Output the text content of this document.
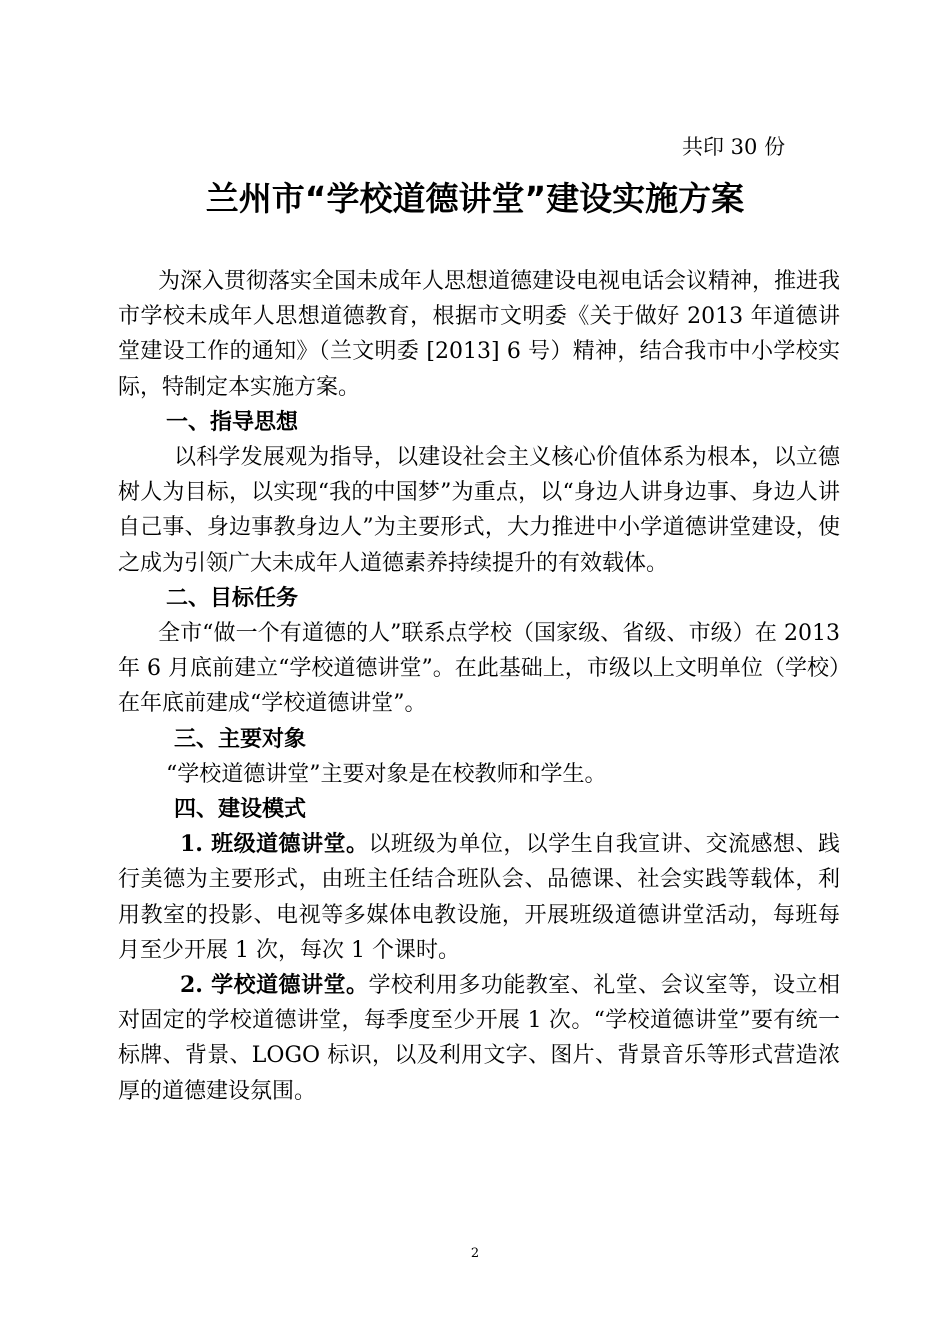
共印 30 份
兰州市“学校道德讲堂”建设实施方案

为深入贯彻落实全国未成年人思想道德建设电视电话会议精神，推进我市学校未成年人思想道德教育，根据市文明委《关于做好 2013 年道德讲堂建设工作的通知》（兰文明委 [2013] 6 号）精神，结合我市中小学校实际，特制定本实施方案。

一、指导思想

以科学发展观为指导，以建设社会主义核心价值体系为根本，以立德树人为目标，以实现“我的中国梦”为重点，以“身边人讲身边事、身边人讲自己事、身边事教身边人”为主要形式，大力推进中小学道德讲堂建设，使之成为引领广大未成年人道德素养持续提升的有效载体。

二、目标任务

全市“做一个有道德的人”联系点学校（国家级、省级、市级）在 2013 年 6 月底前建立“学校道德讲堂”。在此基础上，市级以上文明单位（学校）在年底前建成“学校道德讲堂”。

三、主要对象

“学校道德讲堂”主要对象是在校教师和学生。

四、建设模式

1. 班级道德讲堂。以班级为单位，以学生自我宣讲、交流感想、践行美德为主要形式，由班主任结合班队会、品德课、社会实践等载体，利用教室的投影、电视等多媒体电教设施，开展班级道德讲堂活动，每班每月至少开展 1 次，每次 1 个课时。

2. 学校道德讲堂。学校利用多功能教室、礼堂、会议室等，设立相对固定的学校道德讲堂，每季度至少开展 1 次。“学校道德讲堂”要有统一标牌、背景、LOGO 标识，以及利用文字、图片、背景音乐等形式营造浓厚的道德建设氛围。

2
